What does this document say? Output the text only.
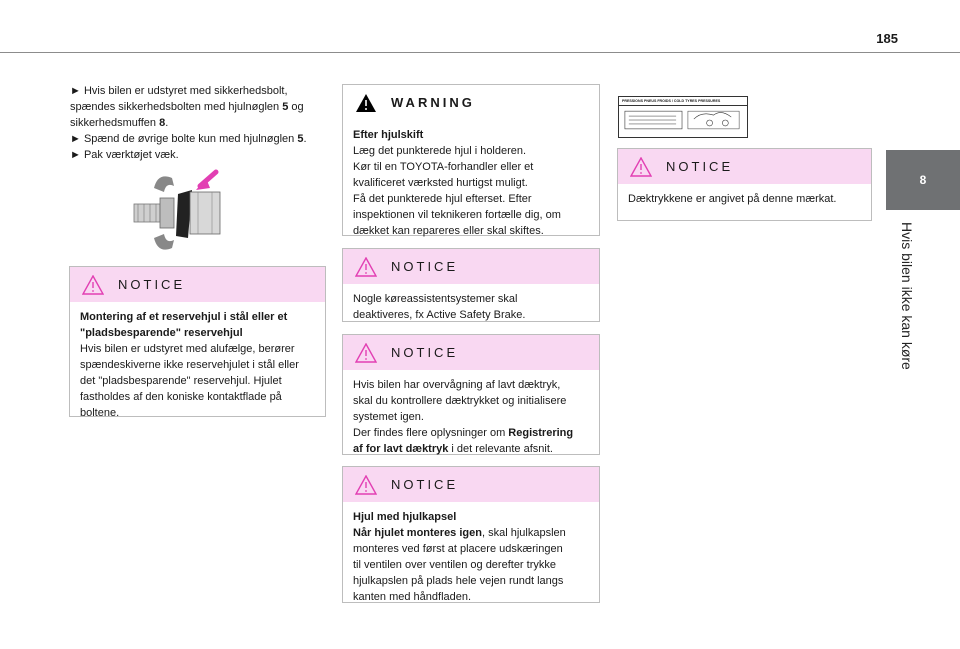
185
8
Hvis bilen ikke kan køre
► Hvis bilen er udstyret med sikkerhedsbolt,
spændes sikkerhedsbolten med hjulnøglen 5 og
sikkerhedsmuffen 8.
► Spænd de øvrige bolte kun med hjulnøglen 5.
► Pak værktøjet væk.
NOTICE
Montering af et reservehjul i stål eller et
"pladsbesparende" reservehjul
Hvis bilen er udstyret med alufælge, berører
spændeskiverne ikke reservehjulet i stål eller
det "pladsbesparende" reservehjul. Hjulet
fastholdes af den koniske kontaktflade på
boltene.
WARNING
Efter hjulskift
Læg det punkterede hjul i holderen.
Kør til en TOYOTA-forhandler eller et
kvalificeret værksted hurtigst muligt.
Få det punkterede hjul efterset. Efter
inspektionen vil teknikeren fortælle dig, om
dækket kan repareres eller skal skiftes.
NOTICE
Nogle køreassistentsystemer skal
deaktiveres, fx Active Safety Brake.
NOTICE
Hvis bilen har overvågning af lavt dæktryk,
skal du kontrollere dæktrykket og initialisere
systemet igen.
Der findes flere oplysninger om Registrering
af for lavt dæktryk i det relevante afsnit.
NOTICE
Hjul med hjulkapsel
Når hjulet monteres igen, skal hjulkapslen
monteres ved først at placere udskæringen
til ventilen over ventilen og derefter trykke
hjulkapslen på plads hele vejen rundt langs
kanten med håndfladen.
PRESSIONS PNEUS FROIDS / COLD TYRES PRESSURES
NOTICE
Dæktrykkene er angivet på denne mærkat.
